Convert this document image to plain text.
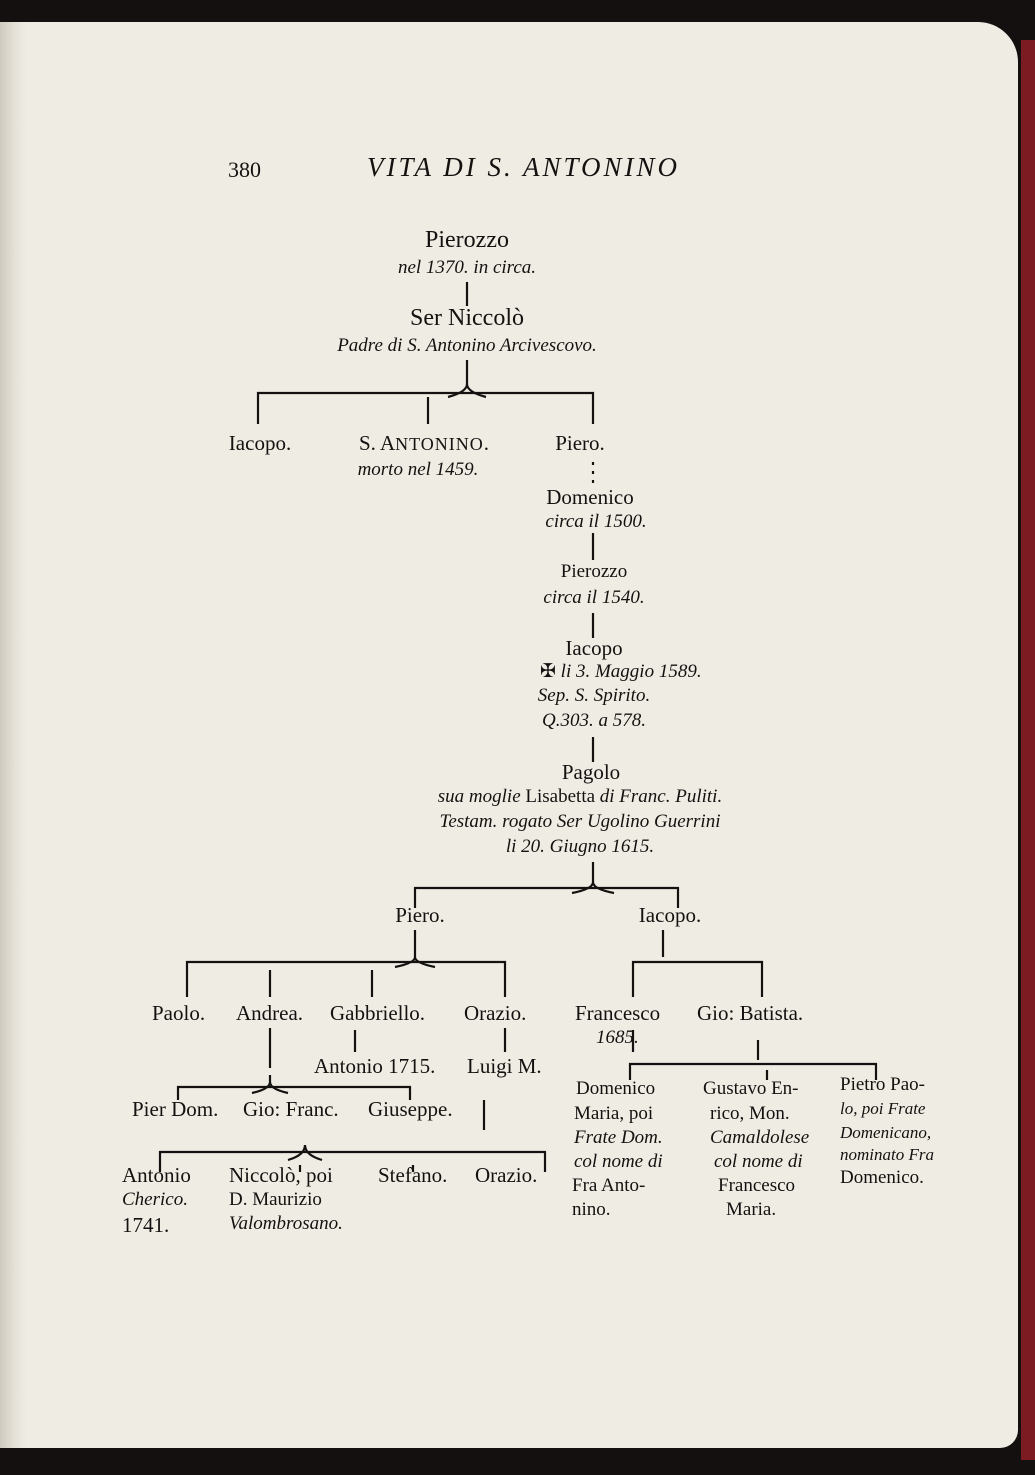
380	VITA DI S. ANTONINO
Pierozzo
nel 1370. in circa.
Ser Niccolò
Padre di S. Antonino Arcivescovo.
Iacopo.	S. ANTONINO.
morto nel 1459.
Piero.
Domenico
circa il 1500.
Pierozzo
circa il 1540.
Iacopo
✠ li 3. Maggio 1589.
Sep. S. Spirito.
Q.303. a 578.
Pagolo
sua moglie Lisabetta di Franc. Puliti.
Testam. rogato Ser Ugolino Guerrini
li 20. Giugno 1615.
Piero.	Iacopo.
Paolo. Andrea. Gabbriello. Orazio. Francesco
1685.
Gio: Batista.
Antonio 1715. Luigi M.
Pier Dom. Gio: Franc. Giuseppe.
Antonio
Cherico.
1741.
Niccolò, poi
D. Maurizio
Valombrosano.
Stefano. Orazio.
Domenico
Maria, poi
Frate Dom.
col nome di
Fra Anto-
nino.
Gustavo En-
rico, Mon.
Camaldolese
col nome di
Francesco
Maria.
Pietro Pao-
lo, poi Frate
Domenicano,
nominato Fra
Domenico.
